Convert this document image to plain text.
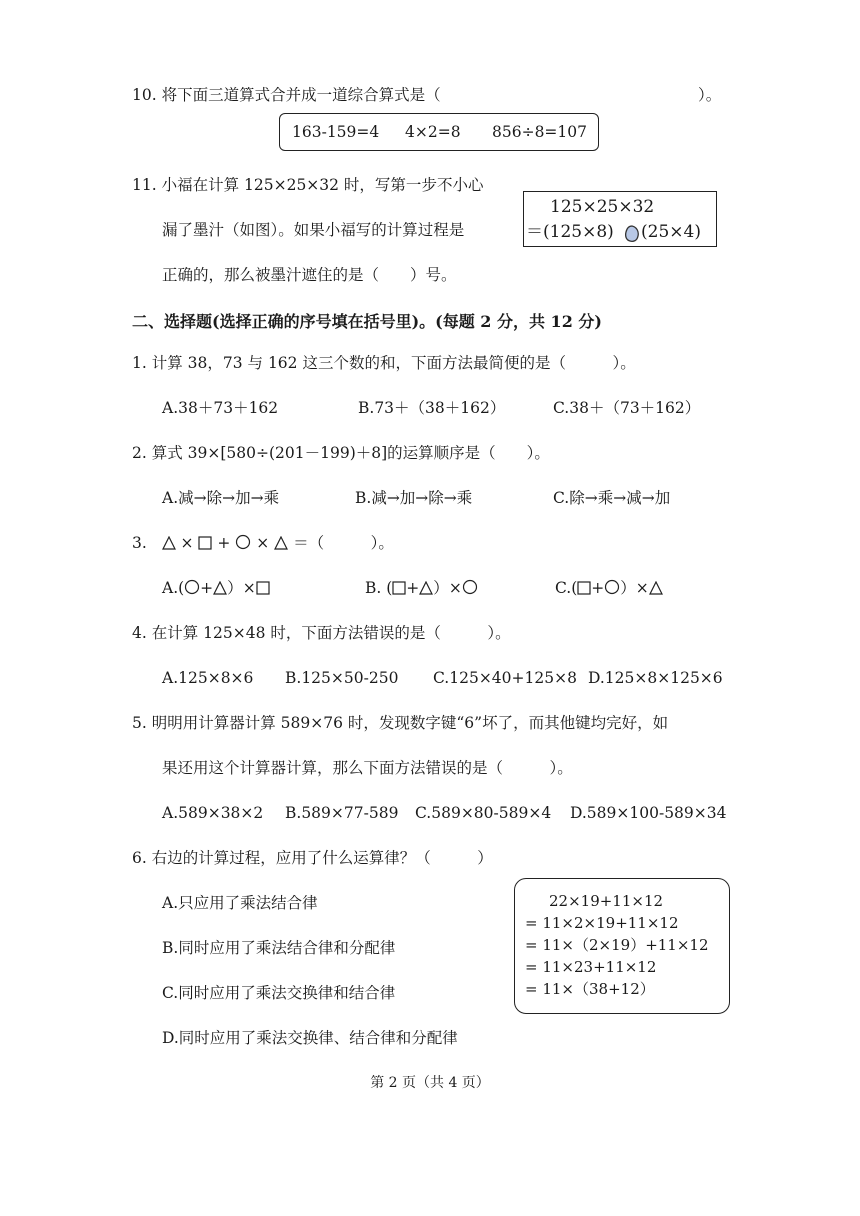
10. 将下面三道算式合并成一道综合算式是（	）。
163-159=4 4×2=8 856÷8=107
11. 小福在计算 125×25×32 时，写第一步不小心
漏了墨汁（如图）。如果小福写的计算过程是
正确的，那么被墨汁遮住的是（　　）号。
125×25×32
＝(125×8) (25×4)
二、选择题(选择正确的序号填在括号里)。(每题 2 分，共 12 分)
1. 计算 38，73 与 162 这三个数的和，下面方法最简便的是（　　　）。
A.38＋73＋162	B.73＋（38＋162）	C.38＋（73＋162）
2. 算式 39×[580÷(201－199)＋8]的运算顺序是（　　）。
A.减→除→加→乘	B.减→加→除→乘	C.除→乘→减→加
3.    × + × ＝（　　　）。
A.( + ）×	B. ( + ）×	C.( + ）×
4. 在计算 125×48 时，下面方法错误的是（　　　）。
A.125×8×6 B.125×50-250 C.125×40+125×8 D.125×8×125×6
5. 明明用计算器计算 589×76 时，发现数字键“6”坏了，而其他键均完好，如
果还用这个计算器计算，那么下面方法错误的是（　　　）。
A.589×38×2 B.589×77-589 C.589×80-589×4 D.589×100-589×34
6. 右边的计算过程，应用了什么运算律？（　　　）
A.只应用了乘法结合律
B.同时应用了乘法结合律和分配律
C.同时应用了乘法交换律和结合律
D.同时应用了乘法交换律、结合律和分配律
22×19+11×12
= 11×2×19+11×12
= 11×（2×19）+11×12
= 11×23+11×12
= 11×（38+12）
第 2 页（共 4 页）
